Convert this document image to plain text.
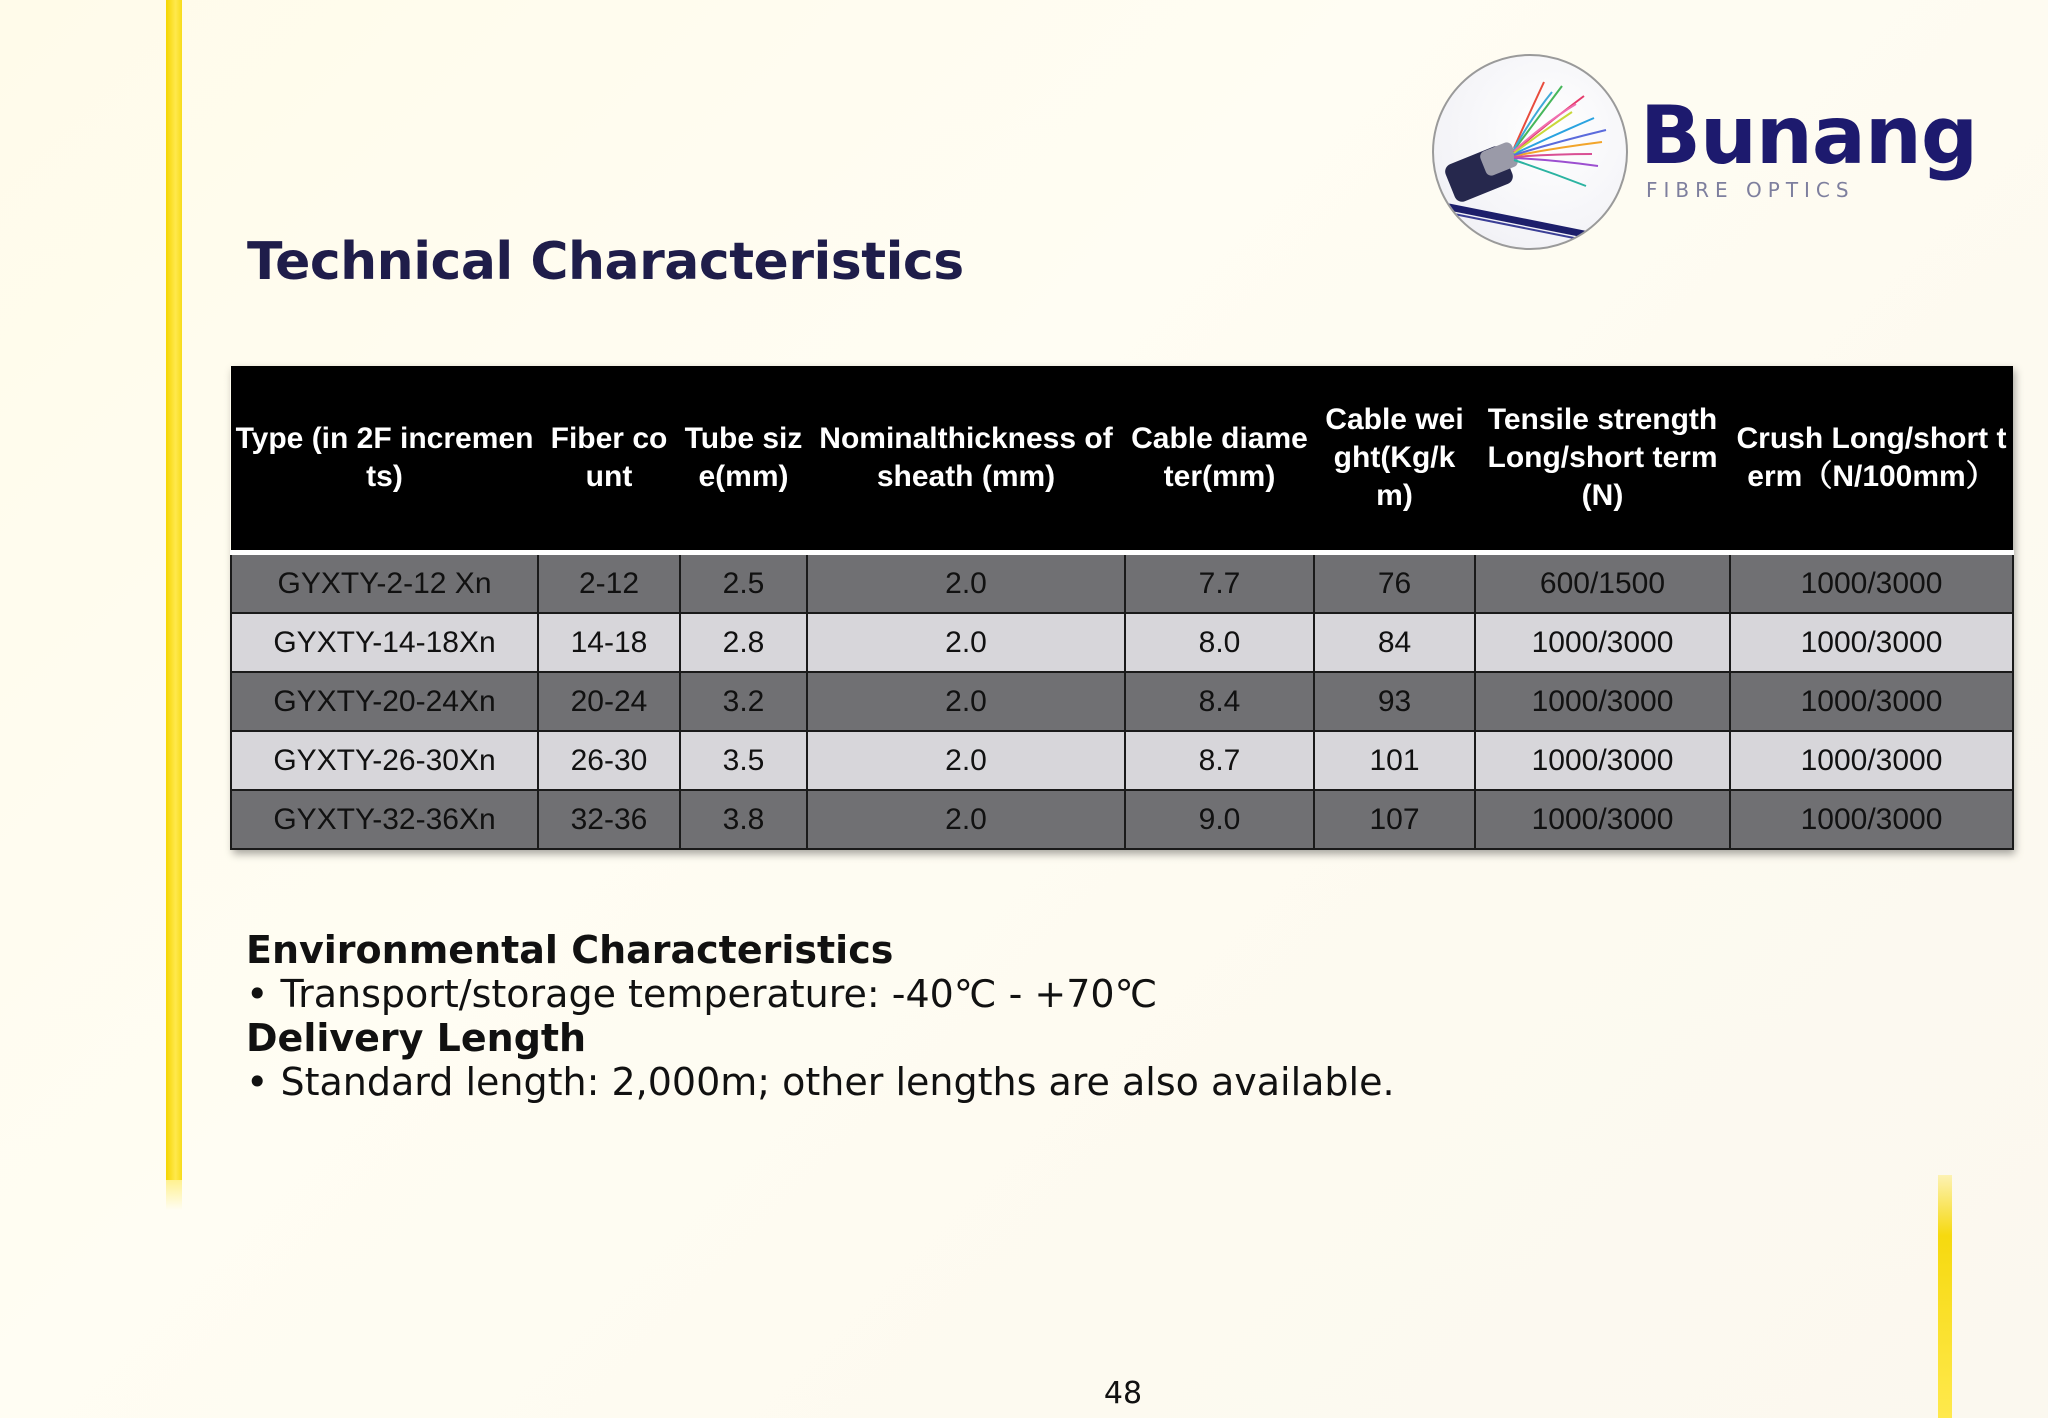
Bunang
FIBRE OPTICS
Technical Characteristics
Type (in 2F increments)	Fiber count	Tube size(mm)	Nominalthickness of sheath (mm)	Cable diameter(mm)	Cable weight(Kg/km)	Tensile strengthLong/short term (N)	Crush Long/short term（N/100mm）
GYXTY-2-12 Xn	2-12	2.5	2.0	7.7	76	600/1500	1000/3000
GYXTY-14-18Xn	14-18	2.8	2.0	8.0	84	1000/3000	1000/3000
GYXTY-20-24Xn	20-24	3.2	2.0	8.4	93	1000/3000	1000/3000
GYXTY-26-30Xn	26-30	3.5	2.0	8.7	101	1000/3000	1000/3000
GYXTY-32-36Xn	32-36	3.8	2.0	9.0	107	1000/3000	1000/3000

Environmental Characteristics

• Transport/storage temperature: -40℃ - +70℃

Delivery Length

• Standard length: 2,000m; other lengths are also available.

48
